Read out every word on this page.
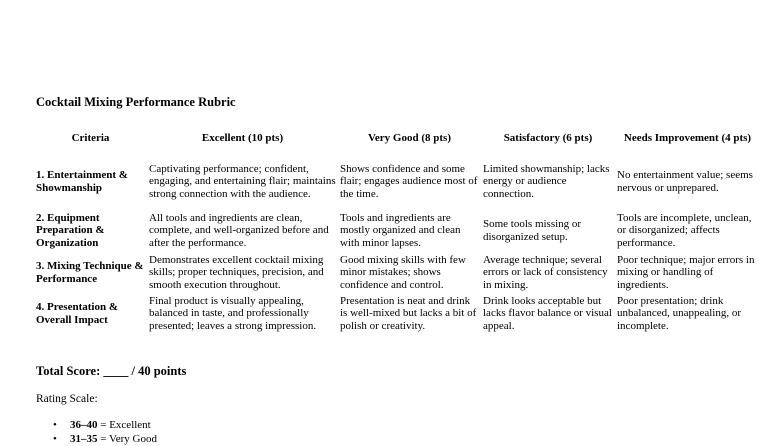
Cocktail Mixing Performance Rubric

Criteria	Excellent (10 pts)	Very Good (8 pts)	Satisfactory (6 pts)	Needs Improvement (4 pts)
1. Entertainment & Showmanship	Captivating performance; confident, engaging, and entertaining flair; maintains strong connection with the audience.	Shows confidence and some flair; engages audience most of the time.	Limited showmanship; lacks energy or audience connection.	No entertainment value; seems nervous or unprepared.
2. Equipment Preparation & Organization	All tools and ingredients are clean, complete, and well-organized before and after the performance.	Tools and ingredients are mostly organized and clean with minor lapses.	Some tools missing or disorganized setup.	Tools are incomplete, unclean, or disorganized; affects performance.
3. Mixing Technique & Performance	Demonstrates excellent cocktail mixing skills; proper techniques, precision, and smooth execution throughout.	Good mixing skills with few minor mistakes; shows confidence and control.	Average technique; several errors or lack of consistency in mixing.	Poor technique; major errors in mixing or handling of ingredients.
4. Presentation & Overall Impact	Final product is visually appealing, balanced in taste, and professionally presented; leaves a strong impression.	Presentation is neat and drink is well-mixed but lacks a bit of polish or creativity.	Drink looks acceptable but lacks flavor balance or visual appeal.	Poor presentation; drink unbalanced, unappealing, or incomplete.

Total Score: ____ / 40 points

Rating Scale:

• 36–40 = Excellent
• 31–35 = Very Good
